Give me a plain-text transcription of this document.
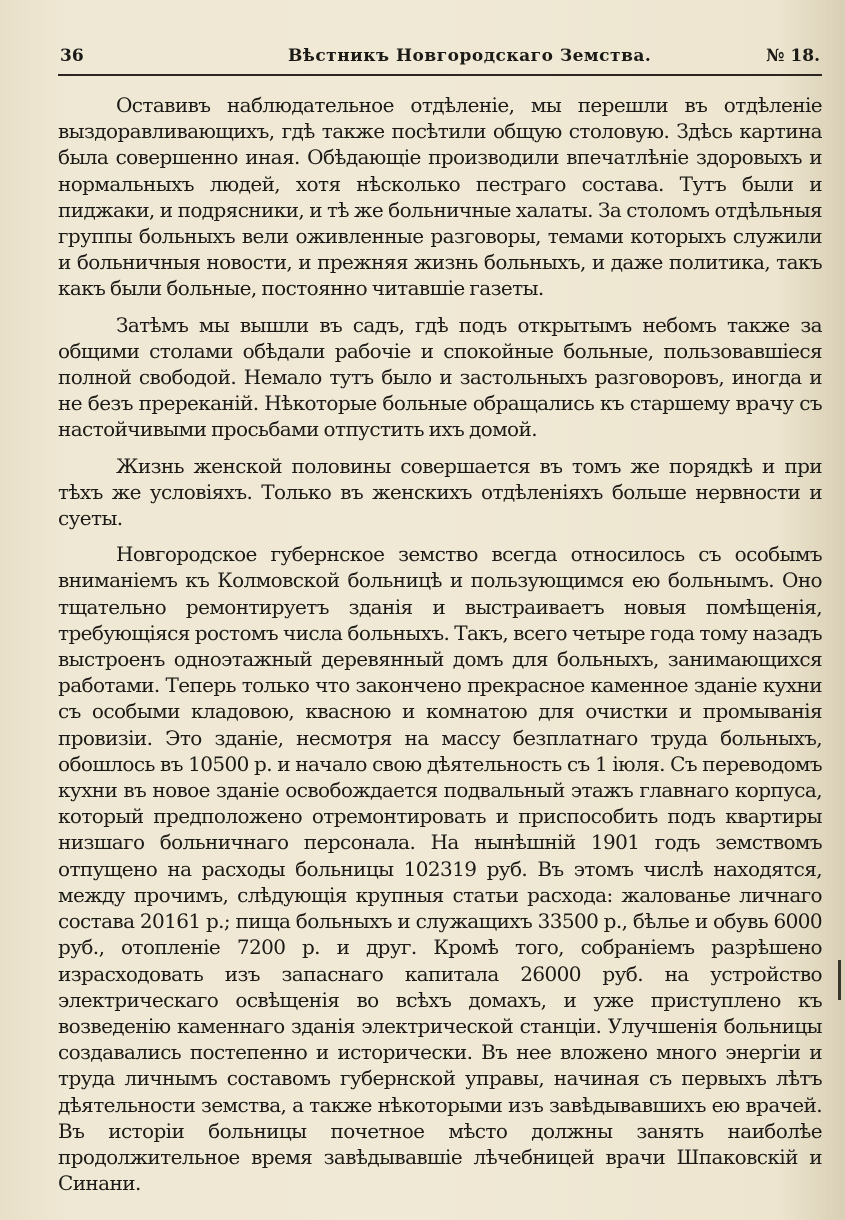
36	Вѣстникъ Новгородскаго Земства.	№ 18.

Оставивъ наблюдательное отдѣленіе, мы перешли въ отдѣленіе выздоравливающихъ, гдѣ также посѣтили общую столовую. Здѣсь картина была совершенно иная. Обѣдающіе производили впечатлѣніе здоровыхъ и нормальныхъ людей, хотя нѣсколько пестраго состава. Тутъ были и пиджаки, и подрясники, и тѣ же больничные халаты. За столомъ отдѣльныя группы больныхъ вели оживленные разговоры, темами которыхъ служили и больничныя новости, и прежняя жизнь больныхъ, и даже политика, такъ какъ были больные, постоянно читавшіе газеты.

Затѣмъ мы вышли въ садъ, гдѣ подъ открытымъ небомъ также за общими столами обѣдали рабочіе и спокойные больные, пользовавшіеся полной свободой. Немало тутъ было и застольныхъ разговоровъ, иногда и не безъ пререканій. Нѣкоторые больные обращались къ старшему врачу съ настойчивыми просьбами отпустить ихъ домой.

Жизнь женской половины совершается въ томъ же порядкѣ и при тѣхъ же условіяхъ. Только въ женскихъ отдѣленіяхъ больше нервности и суеты.

Новгородское губернское земство всегда относилось съ особымъ вниманіемъ къ Колмовской больницѣ и пользующимся ею больнымъ. Оно тщательно ремонтируетъ зданія и выстраиваетъ новыя помѣщенія, требующіяся ростомъ числа больныхъ. Такъ, всего четыре года тому назадъ выстроенъ одноэтажный деревянный домъ для больныхъ, занимающихся работами. Теперь только что закончено прекрасное каменное зданіе кухни съ особыми кладовою, квасною и комнатою для очистки и промыванія провизіи. Это зданіе, несмотря на массу безплатнаго труда больныхъ, обошлось въ 10500 р. и начало свою дѣятельность съ 1 іюля. Съ переводомъ кухни въ новое зданіе освобождается подвальный этажъ главнаго корпуса, который предположено отремонтировать и приспособить подъ квартиры низшаго больничнаго персонала. На нынѣшній 1901 годъ земствомъ отпущено на расходы больницы 102319 руб. Въ этомъ числѣ находятся, между прочимъ, слѣдующія крупныя статьи расхода: жалованье личнаго состава 20161 р.; пища больныхъ и служащихъ 33500 р., бѣлье и обувь 6000 руб., отопленіе 7200 р. и друг. Кромѣ того, собраніемъ разрѣшено израсходовать изъ запаснаго капитала 26000 руб. на устройство электрическаго освѣщенія во всѣхъ домахъ, и уже приступлено къ возведенію каменнаго зданія электрической станціи. Улучшенія больницы создавались постепенно и исторически. Въ нее вложено много энергіи и труда личнымъ составомъ губернской управы, начиная съ первыхъ лѣтъ дѣятельности земства, а также нѣкоторыми изъ завѣдывавшихъ ею врачей. Въ исторіи больницы почетное мѣсто должны занять наиболѣе продолжительное время завѣдывавшіе лѣчебницей врачи Шпаковскій и Синани.
